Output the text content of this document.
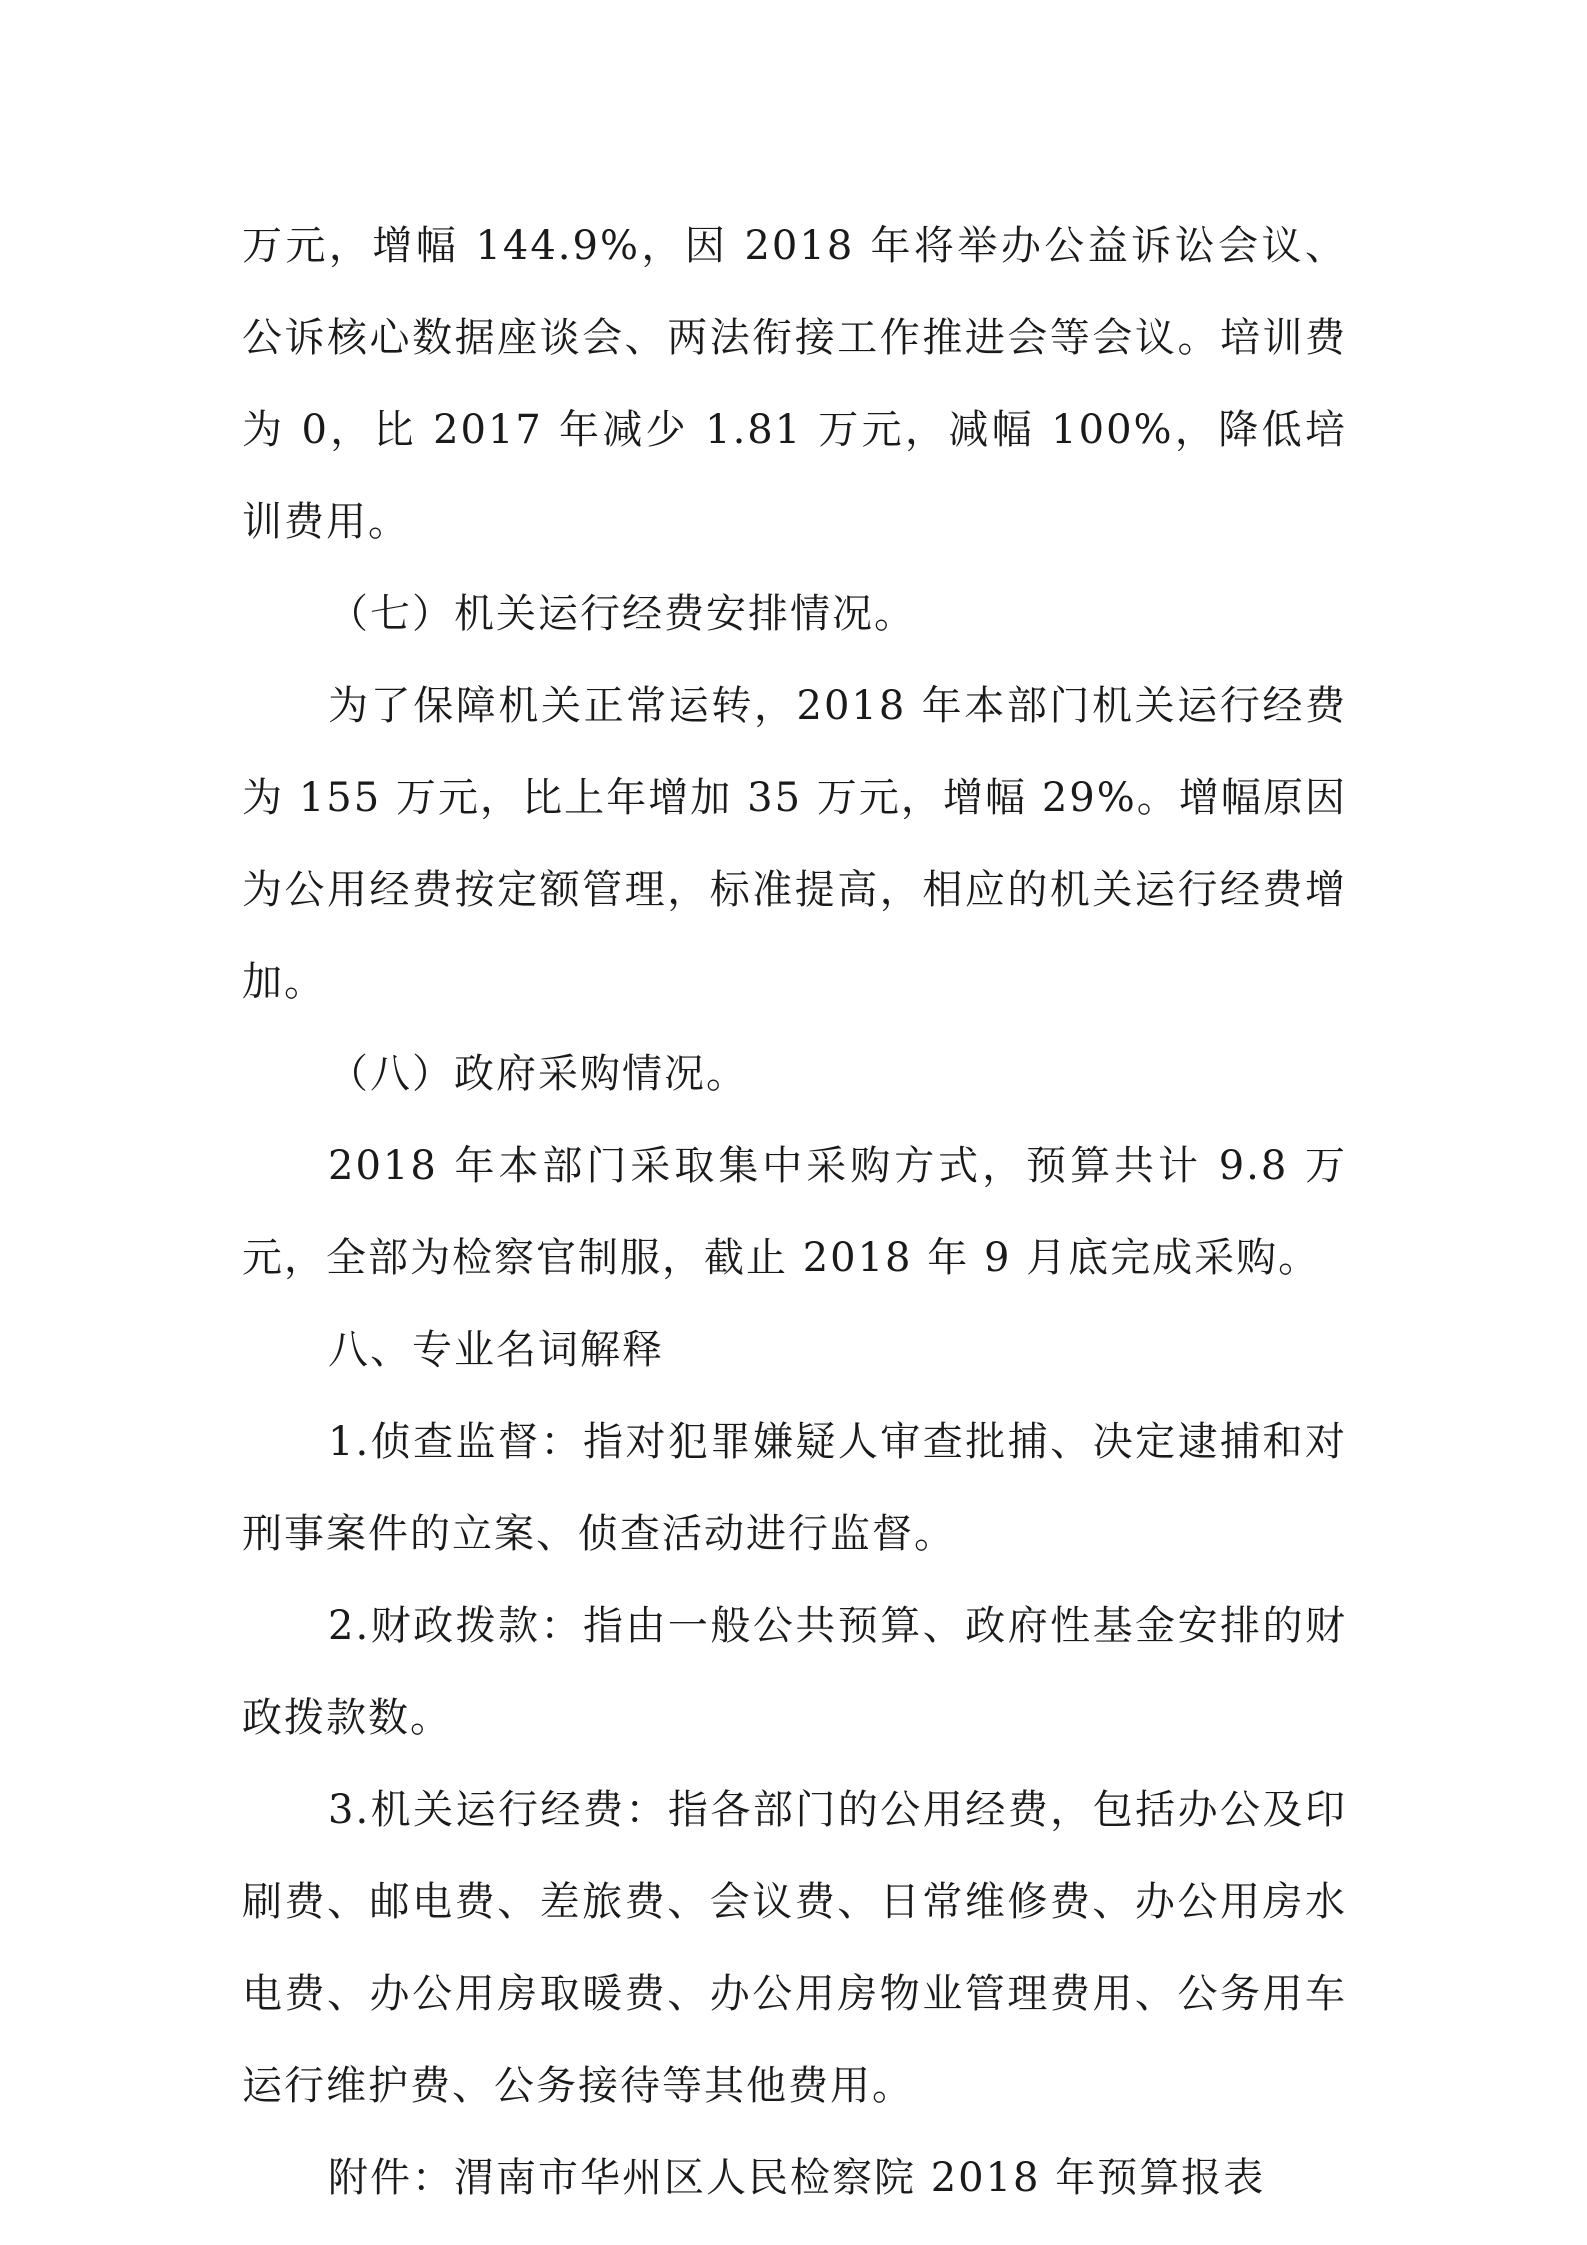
万元，增幅 144.9%，因 2018 年将举办公益诉讼会议、公诉核心数据座谈会、两法衔接工作推进会等会议。培训费为 0，比 2017 年减少 1.81 万元，减幅 100%，降低培训费用。

（七）机关运行经费安排情况。

为了保障机关正常运转，2018 年本部门机关运行经费为 155 万元，比上年增加 35 万元，增幅 29%。增幅原因为公用经费按定额管理，标准提高，相应的机关运行经费增加。

（八）政府采购情况。

2018 年本部门采取集中采购方式，预算共计 9.8 万元，全部为检察官制服，截止 2018 年 9 月底完成采购。

八、专业名词解释

1.侦查监督：指对犯罪嫌疑人审查批捕、决定逮捕和对刑事案件的立案、侦查活动进行监督。

2.财政拨款：指由一般公共预算、政府性基金安排的财政拨款数。

3.机关运行经费：指各部门的公用经费，包括办公及印刷费、邮电费、差旅费、会议费、日常维修费、办公用房水电费、办公用房取暖费、办公用房物业管理费用、公务用车运行维护费、公务接待等其他费用。

附件：渭南市华州区人民检察院 2018 年预算报表
